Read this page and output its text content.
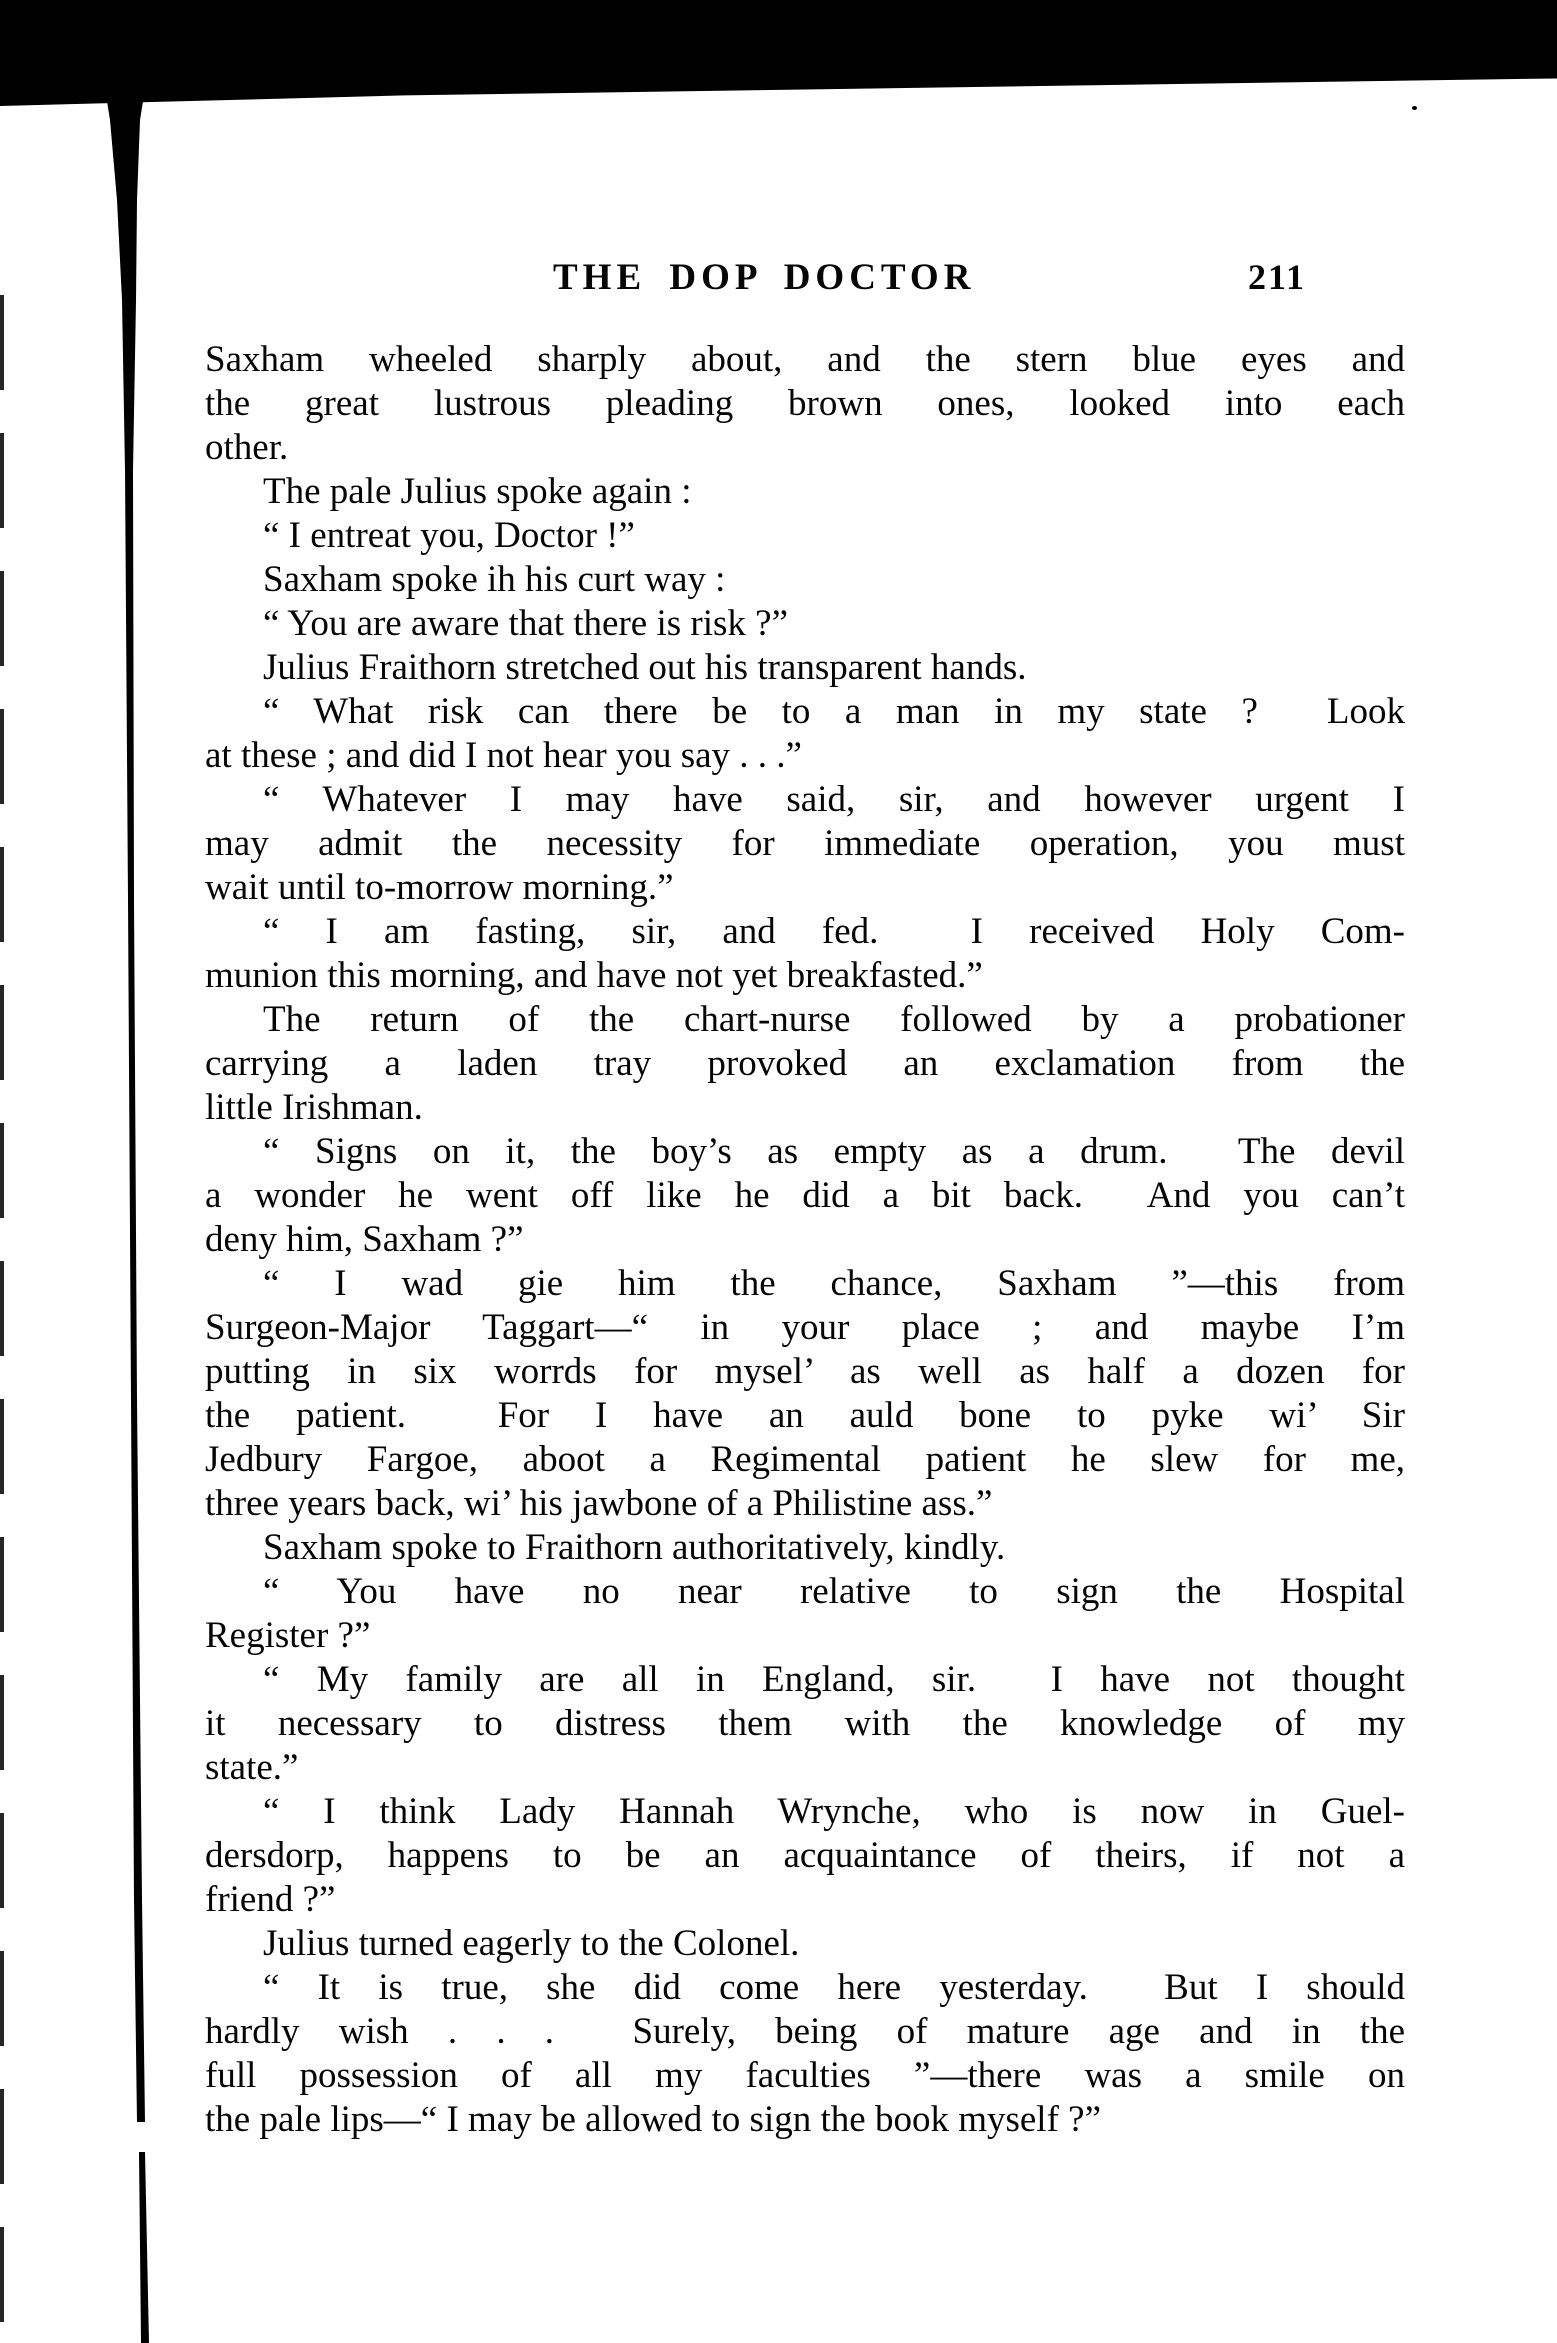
THE DOP DOCTOR	211
Saxham wheeled sharply about, and the stern blue eyes and
the great lustrous pleading brown ones, looked into each
other.
The pale Julius spoke again :
“ I entreat you, Doctor !”
Saxham spoke ih his curt way :
“ You are aware that there is risk ?”
Julius Fraithorn stretched out his transparent hands.
“ What risk can there be to a man in my state ?  Look
at these ; and did I not hear you say . . .”
“ Whatever I may have said, sir, and however urgent I
may admit the necessity for immediate operation, you must
wait until to-morrow morning.”
“ I am fasting, sir, and fed.  I received Holy Com-
munion this morning, and have not yet breakfasted.”
The return of the chart-nurse followed by a probationer
carrying a laden tray provoked an exclamation from the
little Irishman.
“ Signs on it, the boy’s as empty as a drum.  The devil
a wonder he went off like he did a bit back.  And you can’t
deny him, Saxham ?”
“ I wad gie him the chance, Saxham ”—this from
Surgeon-Major Taggart—“ in your place ; and maybe I’m
putting in six worrds for mysel’ as well as half a dozen for
the patient.  For I have an auld bone to pyke wi’ Sir
Jedbury Fargoe, aboot a Regimental patient he slew for me,
three years back, wi’ his jawbone of a Philistine ass.”
Saxham spoke to Fraithorn authoritatively, kindly.
“ You have no near relative to sign the Hospital
Register ?”
“ My family are all in England, sir.  I have not thought
it necessary to distress them with the knowledge of my
state.”
“ I think Lady Hannah Wrynche, who is now in Guel-
dersdorp, happens to be an acquaintance of theirs, if not a
friend ?”
Julius turned eagerly to the Colonel.
“ It is true, she did come here yesterday.  But I should
hardly wish . . .  Surely, being of mature age and in the
full possession of all my faculties ”—there was a smile on
the pale lips—“ I may be allowed to sign the book myself ?”
